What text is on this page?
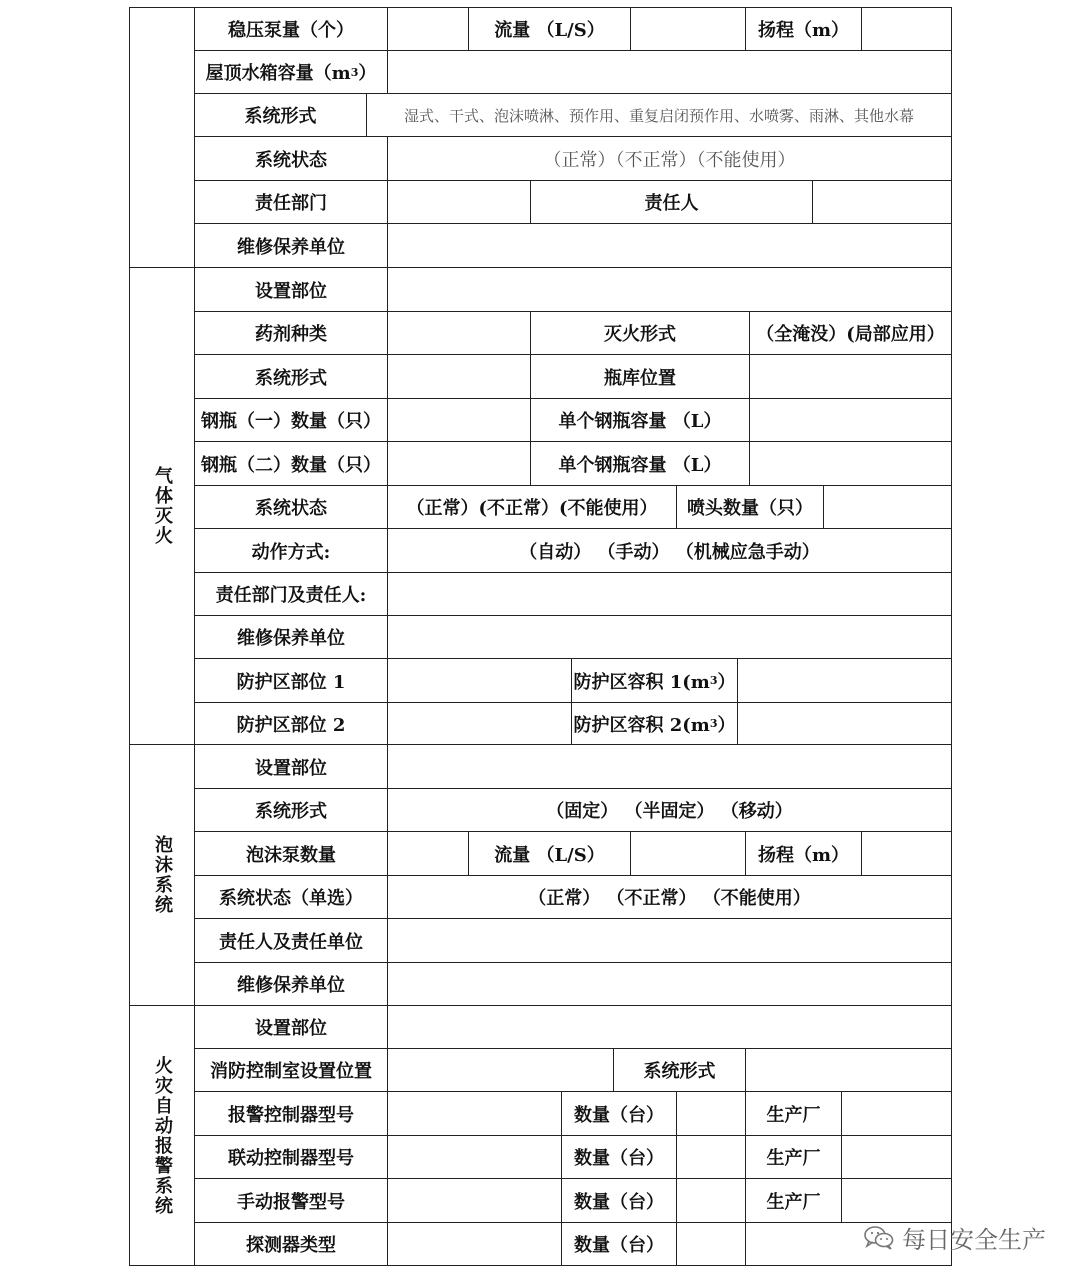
稳压泵量（个）	流量 （L/S）	扬程（m）
屋顶水箱容量（m 3 ）
系统形式	湿式、干式、泡沫喷淋、预作用、重复启闭预作用、水喷雾、雨淋、其他水幕
系统状态	（正常）（不正常）（不能使用）
责任部门	责任人
维修保养单位
气体灭火
设置部位
药剂种类	灭火形式	（全淹没）(局部应用）
系统形式	瓶库位置
钢瓶（一）数量（只）	单个钢瓶容量 （L）
钢瓶（二）数量（只）	单个钢瓶容量 （L）
系统状态	（正常）(不正常）(不能使用）	喷头数量（只）
动作方式:	（自动） （手动） （机械应急手动）
责任部门及责任人:
维修保养单位
防护区部位 1	防护区容积 1(m 3 ）
防护区部位 2	防护区容积 2(m 3 ）
泡沫系统
设置部位
系统形式	（固定） （半固定） （移动）
泡沫泵数量	流量 （L/S）	扬程（m）
系统状态（单选）	（正常） （不正常） （不能使用）
责任人及责任单位
维修保养单位
火灾自动报警系统
设置部位
消防控制室设置位置	系统形式
报警控制器型号	数量（台）	生产厂
联动控制器型号	数量（台）	生产厂
手动报警型号	数量（台）	生产厂
探测器类型	数量（台）	每日安全生产
